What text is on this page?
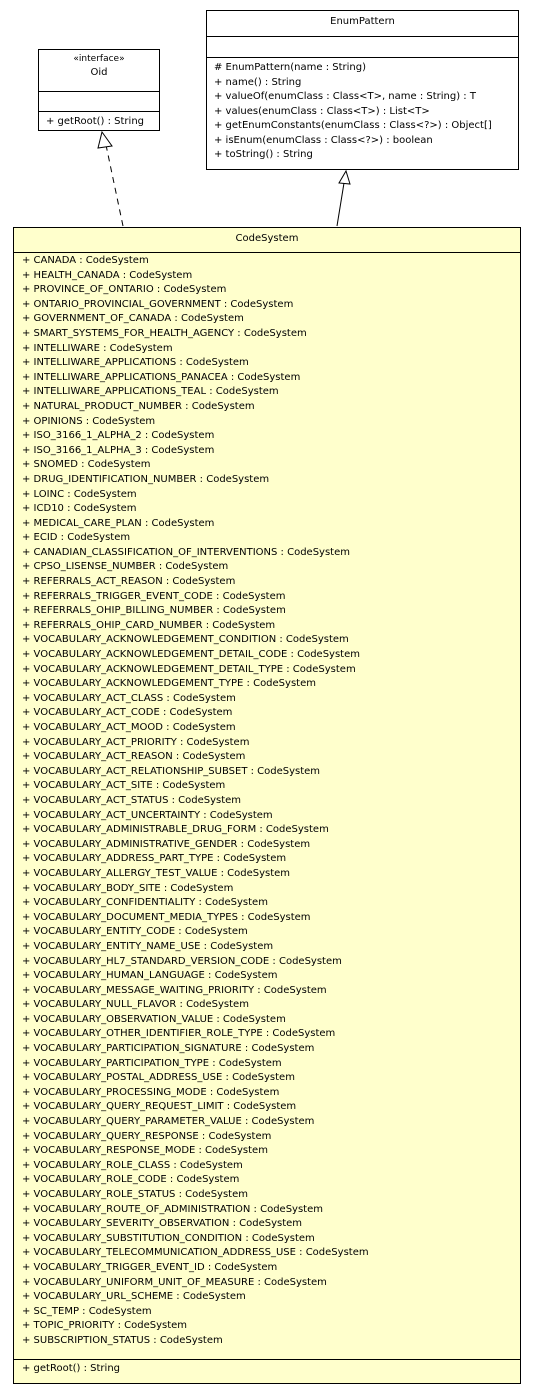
«interface»
Oid
+ getRoot() : String
EnumPattern
# EnumPattern(name : String)
+ name() : String
+ valueOf(enumClass : Class<T>, name : String) : T
+ values(enumClass : Class<T>) : List<T>
+ getEnumConstants(enumClass : Class<?>) : Object[]
+ isEnum(enumClass : Class<?>) : boolean
+ toString() : String
CodeSystem
+ CANADA : CodeSystem
+ HEALTH_CANADA : CodeSystem
+ PROVINCE_OF_ONTARIO : CodeSystem
+ ONTARIO_PROVINCIAL_GOVERNMENT : CodeSystem
+ GOVERNMENT_OF_CANADA : CodeSystem
+ SMART_SYSTEMS_FOR_HEALTH_AGENCY : CodeSystem
+ INTELLIWARE : CodeSystem
+ INTELLIWARE_APPLICATIONS : CodeSystem
+ INTELLIWARE_APPLICATIONS_PANACEA : CodeSystem
+ INTELLIWARE_APPLICATIONS_TEAL : CodeSystem
+ NATURAL_PRODUCT_NUMBER : CodeSystem
+ OPINIONS : CodeSystem
+ ISO_3166_1_ALPHA_2 : CodeSystem
+ ISO_3166_1_ALPHA_3 : CodeSystem
+ SNOMED : CodeSystem
+ DRUG_IDENTIFICATION_NUMBER : CodeSystem
+ LOINC : CodeSystem
+ ICD10 : CodeSystem
+ MEDICAL_CARE_PLAN : CodeSystem
+ ECID : CodeSystem
+ CANADIAN_CLASSIFICATION_OF_INTERVENTIONS : CodeSystem
+ CPSO_LISENSE_NUMBER : CodeSystem
+ REFERRALS_ACT_REASON : CodeSystem
+ REFERRALS_TRIGGER_EVENT_CODE : CodeSystem
+ REFERRALS_OHIP_BILLING_NUMBER : CodeSystem
+ REFERRALS_OHIP_CARD_NUMBER : CodeSystem
+ VOCABULARY_ACKNOWLEDGEMENT_CONDITION : CodeSystem
+ VOCABULARY_ACKNOWLEDGEMENT_DETAIL_CODE : CodeSystem
+ VOCABULARY_ACKNOWLEDGEMENT_DETAIL_TYPE : CodeSystem
+ VOCABULARY_ACKNOWLEDGEMENT_TYPE : CodeSystem
+ VOCABULARY_ACT_CLASS : CodeSystem
+ VOCABULARY_ACT_CODE : CodeSystem
+ VOCABULARY_ACT_MOOD : CodeSystem
+ VOCABULARY_ACT_PRIORITY : CodeSystem
+ VOCABULARY_ACT_REASON : CodeSystem
+ VOCABULARY_ACT_RELATIONSHIP_SUBSET : CodeSystem
+ VOCABULARY_ACT_SITE : CodeSystem
+ VOCABULARY_ACT_STATUS : CodeSystem
+ VOCABULARY_ACT_UNCERTAINTY : CodeSystem
+ VOCABULARY_ADMINISTRABLE_DRUG_FORM : CodeSystem
+ VOCABULARY_ADMINISTRATIVE_GENDER : CodeSystem
+ VOCABULARY_ADDRESS_PART_TYPE : CodeSystem
+ VOCABULARY_ALLERGY_TEST_VALUE : CodeSystem
+ VOCABULARY_BODY_SITE : CodeSystem
+ VOCABULARY_CONFIDENTIALITY : CodeSystem
+ VOCABULARY_DOCUMENT_MEDIA_TYPES : CodeSystem
+ VOCABULARY_ENTITY_CODE : CodeSystem
+ VOCABULARY_ENTITY_NAME_USE : CodeSystem
+ VOCABULARY_HL7_STANDARD_VERSION_CODE : CodeSystem
+ VOCABULARY_HUMAN_LANGUAGE : CodeSystem
+ VOCABULARY_MESSAGE_WAITING_PRIORITY : CodeSystem
+ VOCABULARY_NULL_FLAVOR : CodeSystem
+ VOCABULARY_OBSERVATION_VALUE : CodeSystem
+ VOCABULARY_OTHER_IDENTIFIER_ROLE_TYPE : CodeSystem
+ VOCABULARY_PARTICIPATION_SIGNATURE : CodeSystem
+ VOCABULARY_PARTICIPATION_TYPE : CodeSystem
+ VOCABULARY_POSTAL_ADDRESS_USE : CodeSystem
+ VOCABULARY_PROCESSING_MODE : CodeSystem
+ VOCABULARY_QUERY_REQUEST_LIMIT : CodeSystem
+ VOCABULARY_QUERY_PARAMETER_VALUE : CodeSystem
+ VOCABULARY_QUERY_RESPONSE : CodeSystem
+ VOCABULARY_RESPONSE_MODE : CodeSystem
+ VOCABULARY_ROLE_CLASS : CodeSystem
+ VOCABULARY_ROLE_CODE : CodeSystem
+ VOCABULARY_ROLE_STATUS : CodeSystem
+ VOCABULARY_ROUTE_OF_ADMINISTRATION : CodeSystem
+ VOCABULARY_SEVERITY_OBSERVATION : CodeSystem
+ VOCABULARY_SUBSTITUTION_CONDITION : CodeSystem
+ VOCABULARY_TELECOMMUNICATION_ADDRESS_USE : CodeSystem
+ VOCABULARY_TRIGGER_EVENT_ID : CodeSystem
+ VOCABULARY_UNIFORM_UNIT_OF_MEASURE : CodeSystem
+ VOCABULARY_URL_SCHEME : CodeSystem
+ SC_TEMP : CodeSystem
+ TOPIC_PRIORITY : CodeSystem
+ SUBSCRIPTION_STATUS : CodeSystem
+ getRoot() : String
